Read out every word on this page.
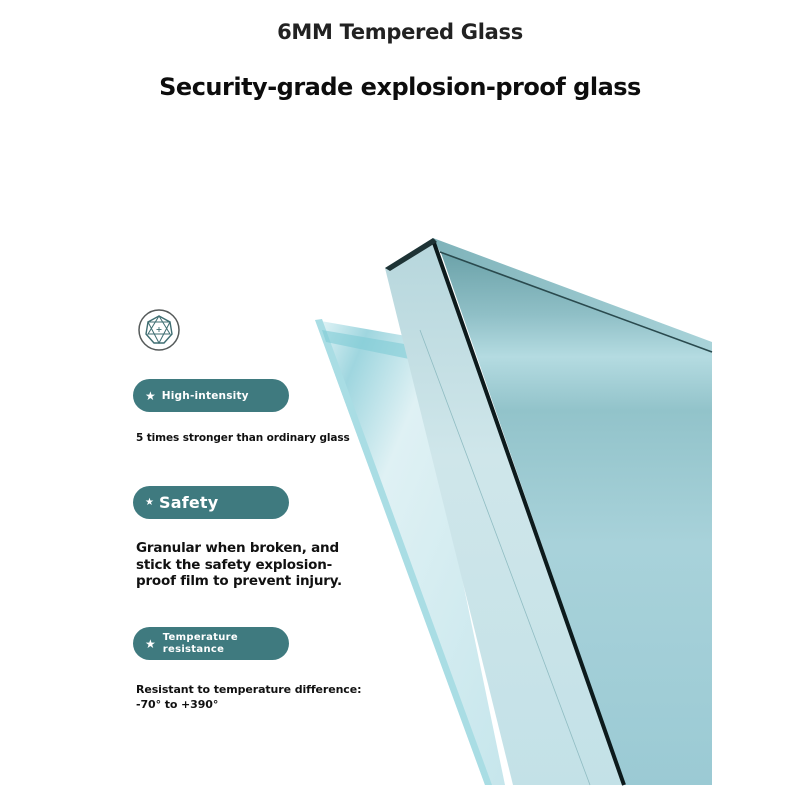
6MM Tempered Glass
Security-grade explosion-proof glass
★ High-intensity

5 times stronger than ordinary glass

★ Safety

Granular when broken, and stick the safety explosion-proof film to prevent injury.

★ Temperature
resistance

Resistant to temperature difference:
-70° to +390°
